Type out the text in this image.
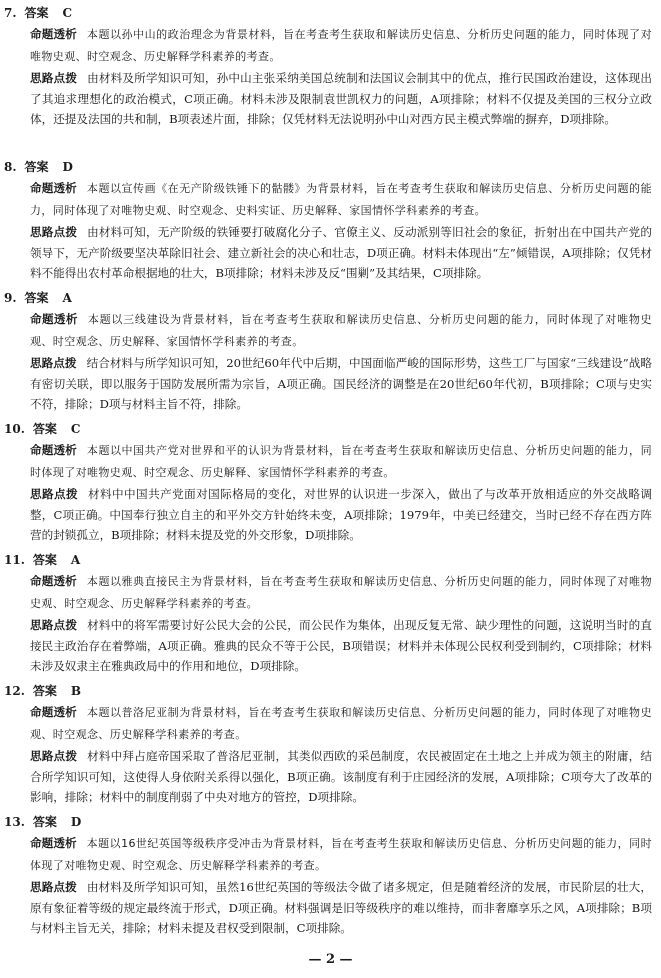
7. 答案 C
命题透析 本题以孙中山的政治理念为背景材料，旨在考查考生获取和解读历史信息、分析历史问题的能力，同时体现了对唯物史观、时空观念、历史解释学科素养的考查。
思路点拨 由材料及所学知识可知，孙中山主张采纳美国总统制和法国议会制其中的优点，推行民国政治建设，这体现出了其追求理想化的政治模式，C项正确。材料未涉及限制袁世凯权力的问题，A项排除；材料不仅提及美国的三权分立政体，还提及法国的共和制，B项表述片面，排除；仅凭材料无法说明孙中山对西方民主模式弊端的摒弃，D项排除。
8. 答案 D
命题透析 本题以宣传画《在无产阶级铁锤下的骷髅》为背景材料，旨在考查考生获取和解读历史信息、分析历史问题的能力，同时体现了对唯物史观、时空观念、史料实证、历史解释、家国情怀学科素养的考查。
思路点拨 由材料可知，无产阶级的铁锤要打破腐化分子、官僚主义、反动派别等旧社会的象征，折射出在中国共产党的领导下，无产阶级要坚决革除旧社会、建立新社会的决心和壮志，D项正确。材料未体现出“左”倾错误，A项排除；仅凭材料不能得出农村革命根据地的壮大，B项排除；材料未涉及反“围剿”及其结果，C项排除。
9. 答案 A
命题透析 本题以三线建设为背景材料，旨在考查考生获取和解读历史信息、分析历史问题的能力，同时体现了对唯物史观、时空观念、历史解释、家国情怀学科素养的考查。
思路点拨 结合材料与所学知识可知，20世纪60年代中后期，中国面临严峻的国际形势，这些工厂与国家“三线建设”战略有密切关联，即以服务于国防发展所需为宗旨，A项正确。国民经济的调整是在20世纪60年代初，B项排除；C项与史实不符，排除；D项与材料主旨不符，排除。
10. 答案 C
命题透析 本题以中国共产党对世界和平的认识为背景材料，旨在考查考生获取和解读历史信息、分析历史问题的能力，同时体现了对唯物史观、时空观念、历史解释、家国情怀学科素养的考查。
思路点拨 材料中中国共产党面对国际格局的变化，对世界的认识进一步深入，做出了与改革开放相适应的外交战略调整，C项正确。中国奉行独立自主的和平外交方针始终未变，A项排除；1979年，中美已经建交，当时已经不存在西方阵营的封锁孤立，B项排除；材料未提及党的外交形象，D项排除。
11. 答案 A
命题透析 本题以雅典直接民主为背景材料，旨在考查考生获取和解读历史信息、分析历史问题的能力，同时体现了对唯物史观、时空观念、历史解释学科素养的考查。
思路点拨 材料中的将军需要讨好公民大会的公民，而公民作为集体，出现反复无常、缺少理性的问题，这说明当时的直接民主政治存在着弊端，A项正确。雅典的民众不等于公民，B项错误；材料并未体现公民权利受到制约，C项排除；材料未涉及奴隶主在雅典政局中的作用和地位，D项排除。
12. 答案 B
命题透析 本题以普洛尼亚制为背景材料，旨在考查考生获取和解读历史信息、分析历史问题的能力，同时体现了对唯物史观、时空观念、历史解释学科素养的考查。
思路点拨 材料中拜占庭帝国采取了普洛尼亚制，其类似西欧的采邑制度，农民被固定在土地之上并成为领主的附庸，结合所学知识可知，这使得人身依附关系得以强化，B项正确。该制度有利于庄园经济的发展，A项排除；C项夸大了改革的影响，排除；材料中的制度削弱了中央对地方的管控，D项排除。
13. 答案 D
命题透析 本题以16世纪英国等级秩序受冲击为背景材料，旨在考查考生获取和解读历史信息、分析历史问题的能力，同时体现了对唯物史观、时空观念、历史解释学科素养的考查。
思路点拨 由材料及所学知识可知，虽然16世纪英国的等级法令做了诸多规定，但是随着经济的发展，市民阶层的壮大，原有象征着等级的规定最终流于形式，D项正确。材料强调是旧等级秩序的难以维持，而非奢靡享乐之风，A项排除；B项与材料主旨无关，排除；材料未提及君权受到限制，C项排除。
— 2 —
